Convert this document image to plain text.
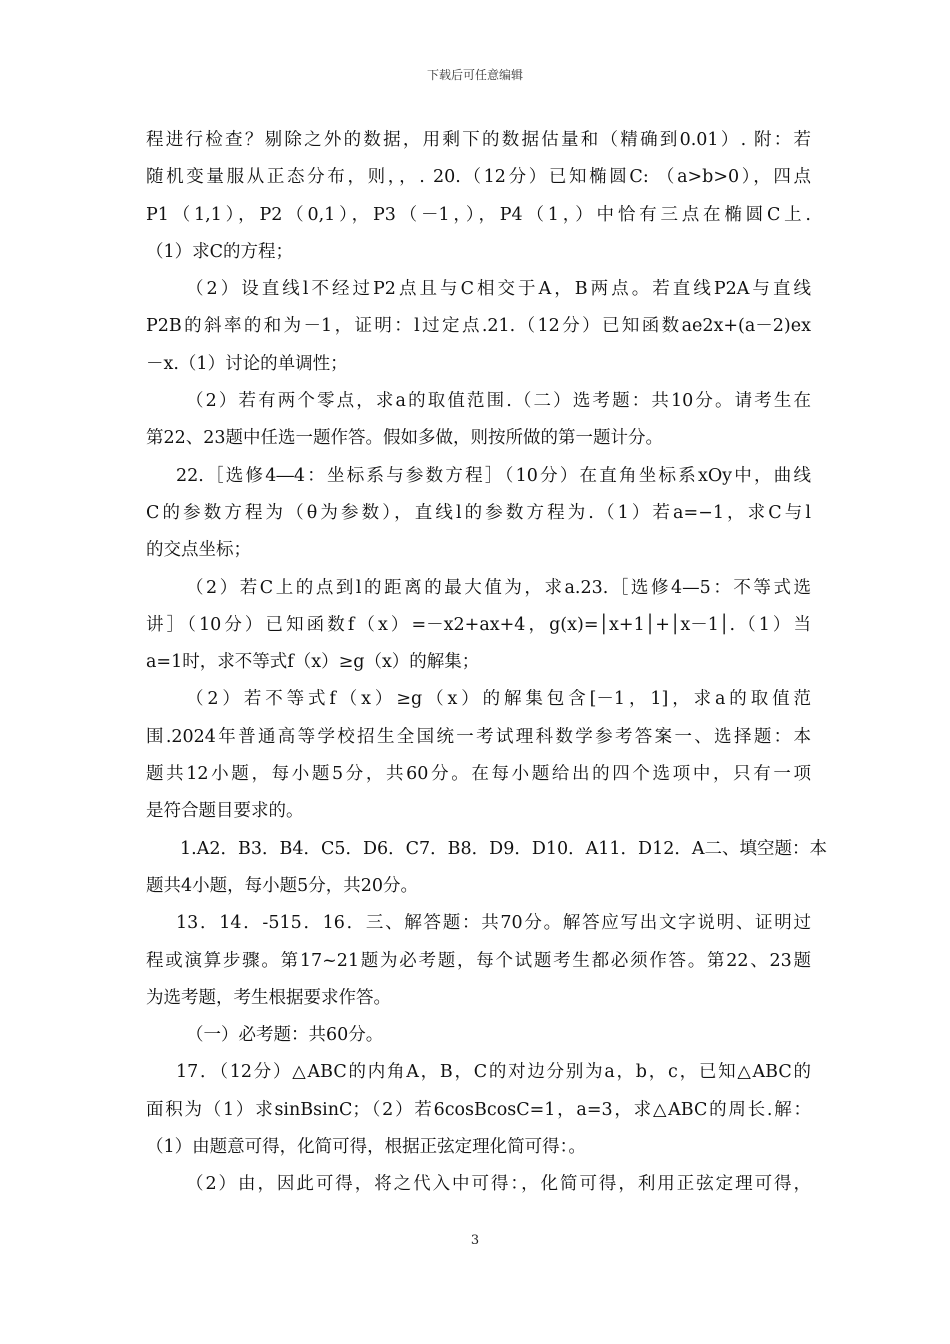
下载后可任意编辑
程进行检查？剔除之外的数据，用剩下的数据估量和（精确到0.01）. 附：若
随机变量服从正态分布，则，，. 20.（12分）已知椭圆C: （a>b>0），四点
P1（1,1），P2（0,1），P3（－1，），P4（1，）中恰有三点在椭圆C上.
（1）求C的方程；
（2）设直线l不经过P2点且与C相交于A，B两点。若直线P2A与直线
P2B的斜率的和为－1，证明：l过定点.21.（12分）已知函数ae2x+(a－2)ex
－x.（1）讨论的单调性；
（2）若有两个零点，求a的取值范围.（二）选考题：共10分。请考生在
第22、23题中任选一题作答。假如多做，则按所做的第一题计分。
22.［选修4―4：坐标系与参数方程］（10分）在直角坐标系xOy中，曲线
C的参数方程为（θ为参数），直线l的参数方程为.（1）若a=−1，求C与l
的交点坐标；
（2）若C上的点到l的距离的最大值为，求a.23.［选修4—5：不等式选
讲］（10分）已知函数f（x）=－x2+ax+4，g(x)=│x+1│+│x－1│.（1）当
a=1时，求不等式f（x）≥g（x）的解集；
（2）若不等式f（x）≥g（x）的解集包含[－1，1]，求a的取值范
围.2024年普通高等学校招生全国统一考试理科数学参考答案一、选择题：本
题共12小题，每小题5分，共60分。在每小题给出的四个选项中，只有一项
是符合题目要求的。
1.A2．B3．B4．C5．D6．C7．B8．D9．D10．A11．D12．A二、填空题：本
题共4小题，每小题5分，共20分。
13．14．-515．16．三、解答题：共70分。解答应写出文字说明、证明过
程或演算步骤。第17~21题为必考题，每个试题考生都必须作答。第22、23题
为选考题，考生根据要求作答。
（一）必考题：共60分。
17．（12分）△ABC的内角A，B，C的对边分别为a，b，c，已知△ABC的
面积为（1）求sinBsinC；（2）若6cosBcosC=1，a=3，求△ABC的周长.解：
（1）由题意可得，化简可得，根据正弦定理化简可得：。
（2）由，因此可得，将之代入中可得：，化简可得，利用正弦定理可得，
3
